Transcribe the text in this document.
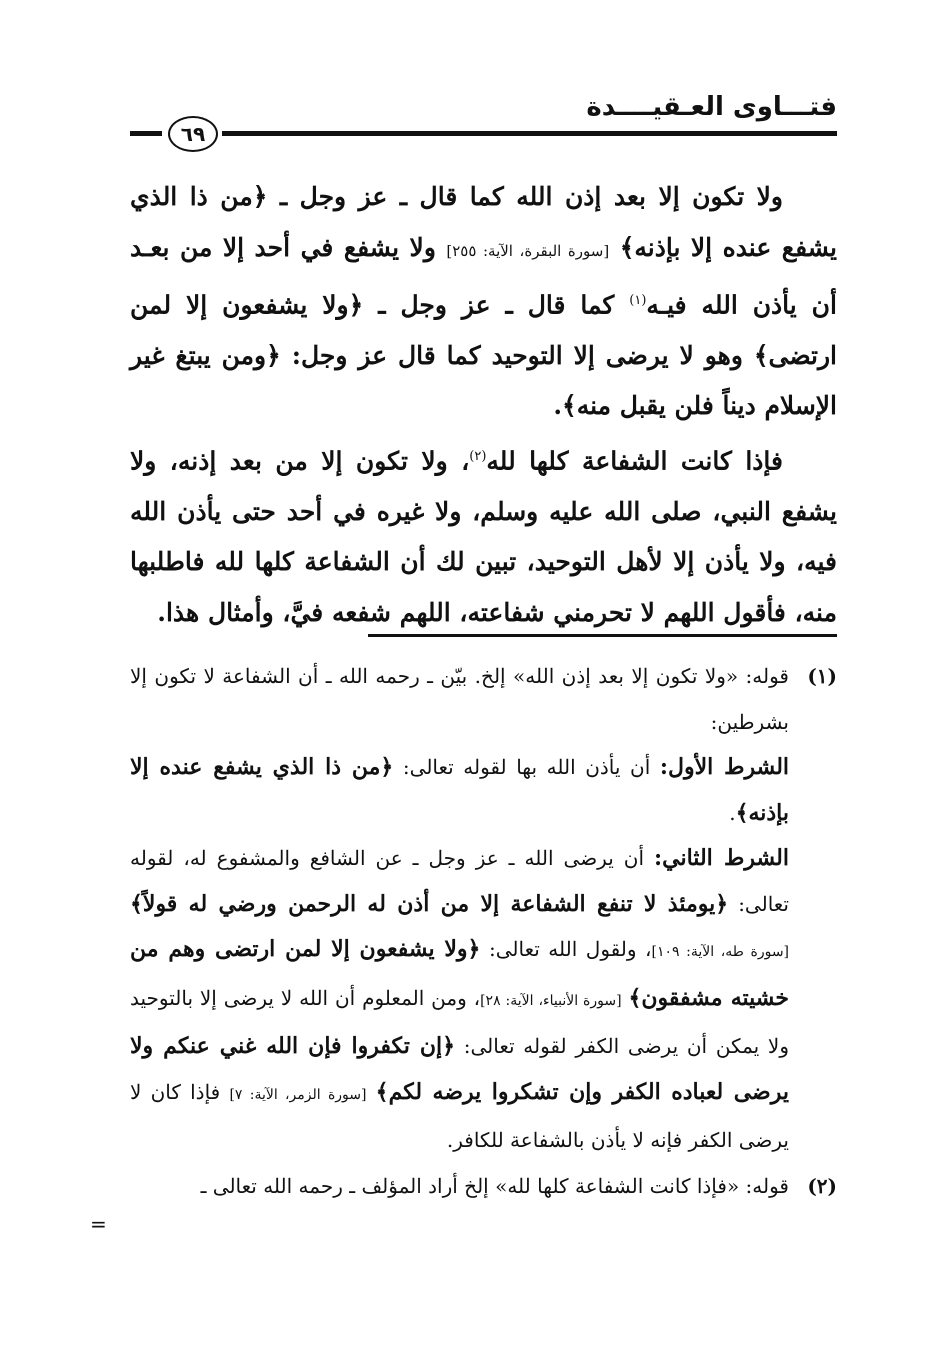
فتـــاوى العـقيــــدة
٦٩

ولا تكون إلا بعد إذن الله كما قال ـ عز وجل ـ ﴿من ذا الذي يشفع عنده إلا بإذنه﴾ [سورة البقرة، الآية: ٢٥٥] ولا يشفع في أحد إلا من بعـد أن يأذن الله فيـه$^{(١)}$ كما قال ـ عز وجل ـ ﴿ولا يشفعون إلا لمن ارتضى﴾ وهو لا يرضى إلا التوحيد كما قال عز وجل: ﴿ومن يبتغ غير الإسلام ديناً فلن يقبل منه﴾.

فإذا كانت الشفاعة كلها لله$^{(٢)}$، ولا تكون إلا من بعد إذنه، ولا يشفع النبي، صلى الله عليه وسلم، ولا غيره في أحد حتى يأذن الله فيه، ولا يأذن إلا لأهل التوحيد، تبين لك أن الشفاعة كلها لله فاطلبها منه، فأقول اللهم لا تحرمني شفاعته، اللهم شفعه فيَّ، وأمثال هذا.

(١)

قوله: «ولا تكون إلا بعد إذن الله» إلخ. بيّن ـ رحمه الله ـ أن الشفاعة لا تكون إلا بشرطين:

الشرط الأول: أن يأذن الله بها لقوله تعالى: ﴿من ذا الذي يشفع عنده إلا بإذنه﴾.

الشرط الثاني: أن يرضى الله ـ عز وجل ـ عن الشافع والمشفوع له، لقوله تعالى: ﴿يومئذ لا تنفع الشفاعة إلا من أذن له الرحمن ورضي له قولاً﴾ [سورة طه، الآية: ١٠٩]، ولقول الله تعالى: ﴿ولا يشفعون إلا لمن ارتضى وهم من خشيته مشفقون﴾ [سورة الأنبياء، الآية: ٢٨]، ومن المعلوم أن الله لا يرضى إلا بالتوحيد ولا يمكن أن يرضى الكفر لقوله تعالى: ﴿إن تكفروا فإن الله غني عنكم ولا يرضى لعباده الكفر وإن تشكروا يرضه لكم﴾ [سورة الزمر، الآية: ٧] فإذا كان لا يرضى الكفر فإنه لا يأذن بالشفاعة للكافر.

(٢)

قوله: «فإذا كانت الشفاعة كلها لله» إلخ أراد المؤلف ـ رحمه الله تعالى ـ

=
